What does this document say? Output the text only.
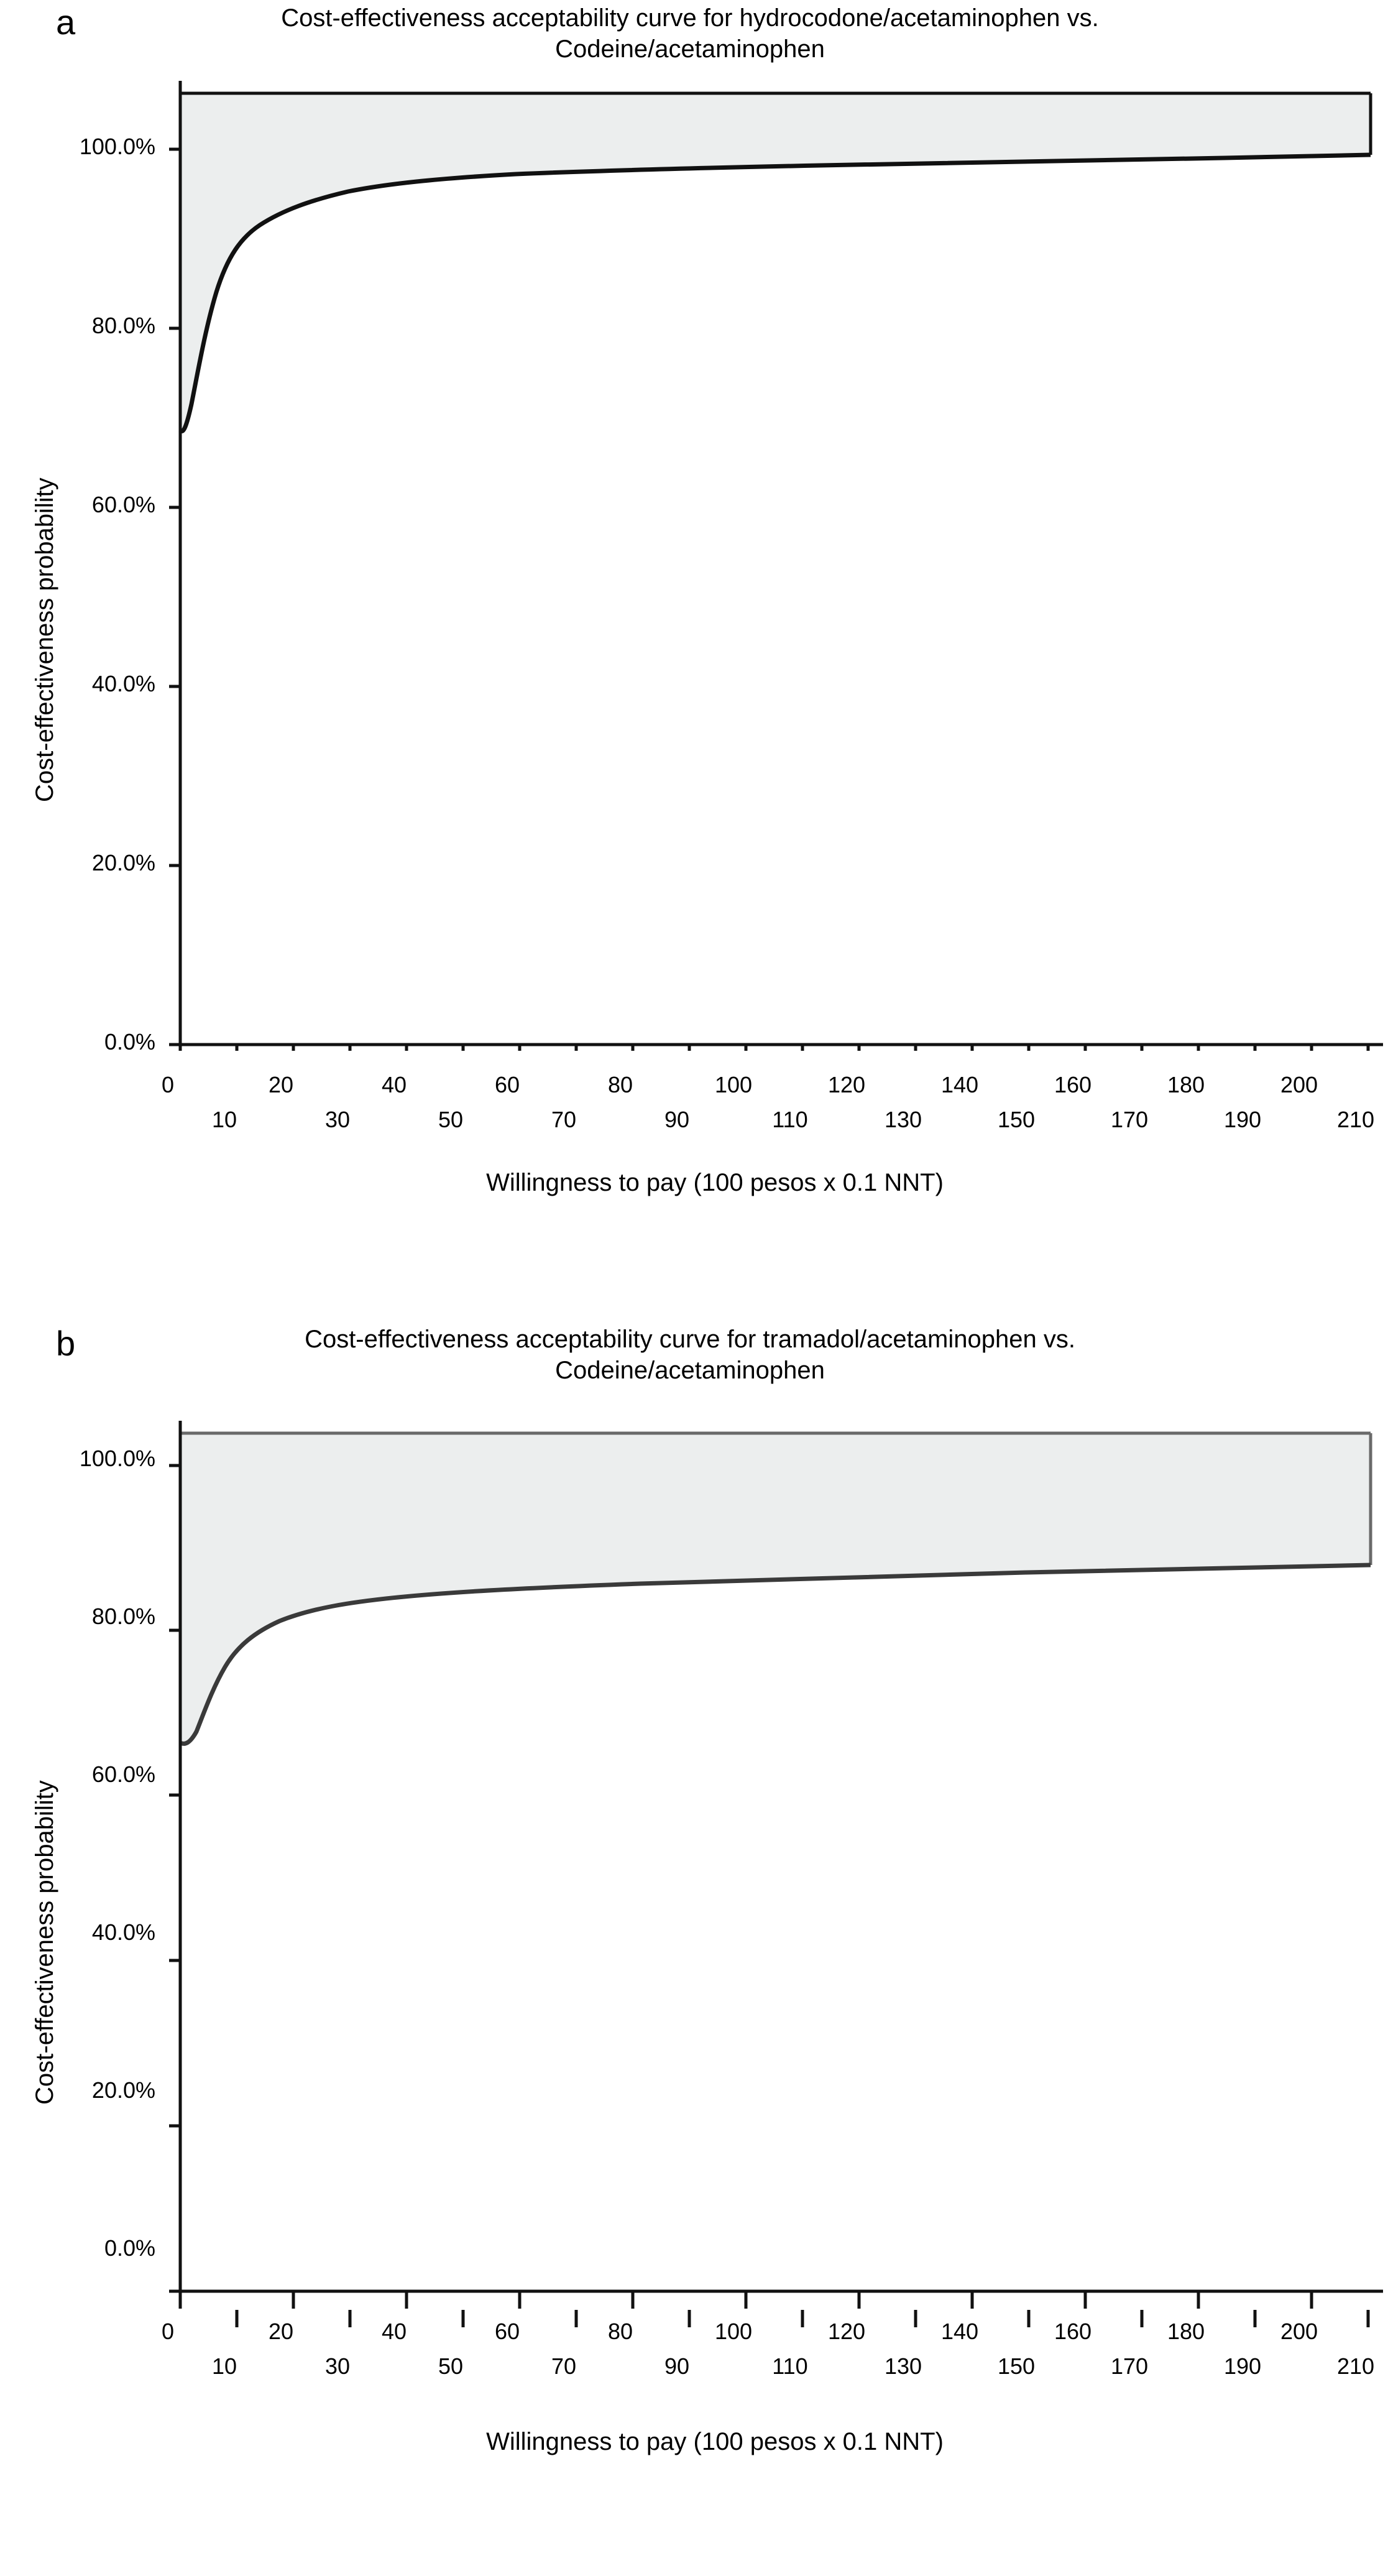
a	Cost-effectiveness acceptability curve for hydrocodone/acetaminophen vs.
Codeine/acetaminophen
Cost-effectiveness probability
100.0%
80.0%
60.0%
40.0%
20.0%
0.0%
0	20	40	60	80	100	120	140	160	180	200
10	30	50	70	90	110	130	150	170	190	210
Willingness to pay (100 pesos x 0.1 NNT)
b	Cost-effectiveness acceptability curve for tramadol/acetaminophen vs.
Codeine/acetaminophen
Cost-effectiveness probability
100.0%
80.0%
60.0%
40.0%
20.0%
0.0%
0	20	40	60	80	100	120	140	160	180	200
10	30	50	70	90	110	130	150	170	190	210
Willingness to pay (100 pesos x 0.1 NNT)
